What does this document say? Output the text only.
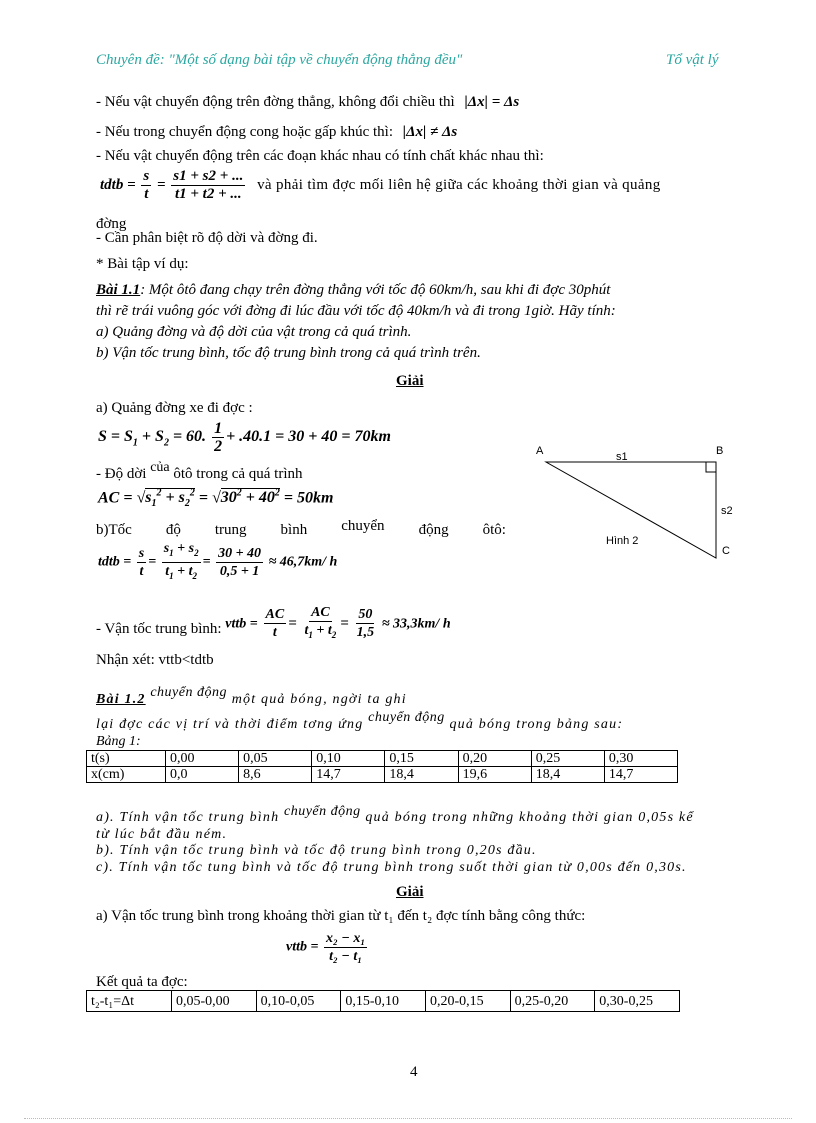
Chuyên đề: "Một số dạng bài tập về chuyển động thẳng đều"	Tổ vật lý
- Nếu vật chuyển động trên đờng thẳng, không đổi chiều thì |Δx| = Δs
- Nếu trong chuyển động cong hoặc gấp khúc thì: |Δx| ≠ Δs
- Nếu vật chuyển động trên các đoạn khác nhau có tính chất khác nhau thì:
tdtb = $\frac{s}{t} = \frac{s1 + s2 + ...}{t1 + t2 + ...}$ và phải tìm đợc mối liên hệ giữa các khoảng thời gian và quảng
đờng
- Cần phân biệt rõ độ dời và đờng đi.
* Bài tập ví dụ:
Bài 1.1: Một ôtô đang chạy trên đờng thẳng với tốc độ 60km/h, sau khi đi đợc 30phút
thì rẽ trái vuông góc với đờng đi lúc đầu với tốc độ 40km/h và đi trong 1giờ. Hãy tính:
a) Quảng đờng và độ dời của vật trong cả quá trình.
b) Vận tốc trung bình, tốc độ trung bình trong cả quá trình trên.
Giải
a) Quảng đờng xe đi đợc :
$S = S_1 + S_2 = 60$. $\frac{1}{2} + .40.1 = 30 + 40 = 70km$
- Độ dời của ôtô trong cả quá trình
AC = $√s_1^2 + s_2^2 = √30^2 + 40^2 = 50km$
b)Tốc độ trung bình chuyển động ôtô:
tdtb = $\frac{s}{t} = \frac{s_1 + s_2}{t_1 + t_2} = \frac{30 + 40}{0,5 + 1} \approx 46,7km/$ h
- Vận tốc trung bình: vttb = $\frac{AC}{t} = \frac{AC}{t_1 + t_2} = \frac{50}{1,5} \approx 33,3km/$ h
Nhận xét: vttb<tdtb
A	B
C
s1
s2
Hình 2
Bài 1.2 chuyển động một quả bóng, ngời ta ghi
lại đợc các vị trí và thời điểm tơng ứng chuyển động quả bóng trong bảng sau:
Bảng 1:
t(s)	0,00	0,05	0,10	0,15	0,20	0,25	0,30
x(cm)	0,0	8,6	14,7	18,4	19,6	18,4	14,7
a). Tính vận tốc trung bình chuyển động quả bóng trong những khoảng thời gian 0,05s kể
từ lúc bắt đầu ném.
b). Tính vận tốc trung bình và tốc độ trung bình trong 0,20s đầu.
c). Tính vận tốc tung bình và tốc độ trung bình trong suốt thời gian từ 0,00s đến 0,30s.
Giải
a) Vận tốc trung bình trong khoảng thời gian từ t₁ đến t₂ đợc tính bằng công thức:
vttb = $\frac{\text{x₂ − x₁}}{\text{t₂ − t₁}}$
Kết quả ta đợc:
t₂-t₁=Δt	0,05-0,00	0,10-0,05	0,15-0,10	0,20-0,15	0,25-0,20	0,30-0,25
4
